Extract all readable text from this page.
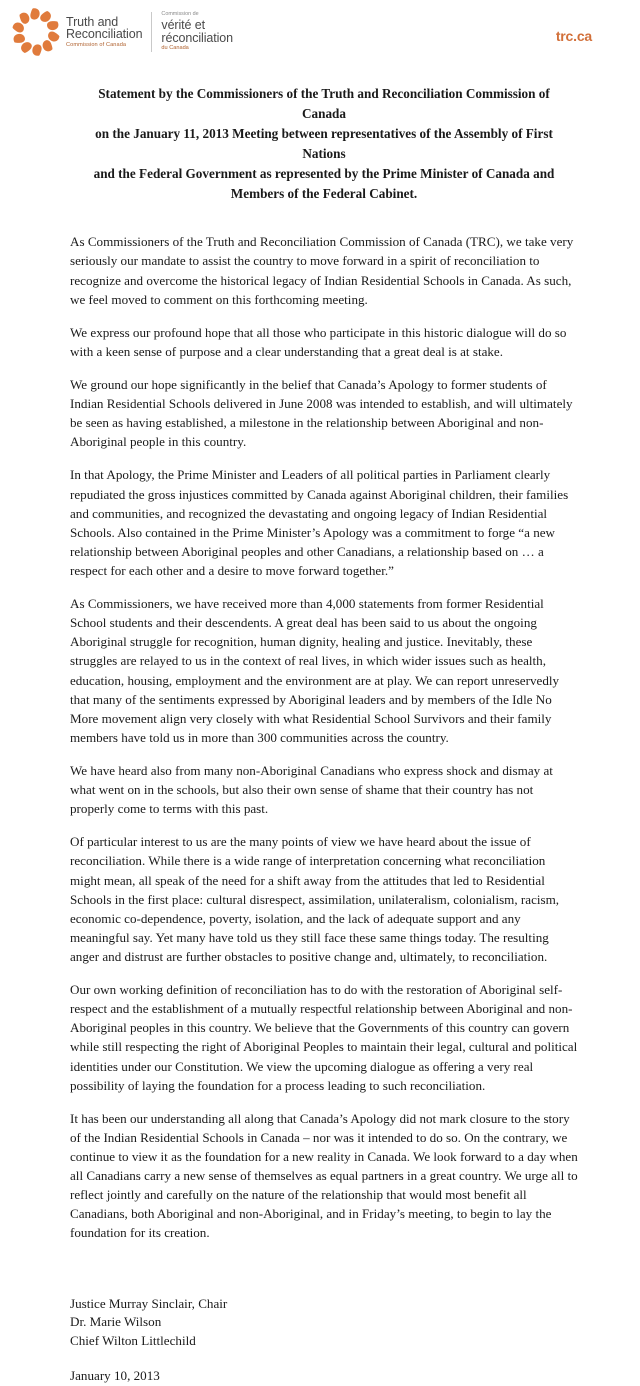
Truth and
Reconciliation
Commission of Canada
Commission de
vérité et
réconciliation
du Canada
trc.ca
Statement by the Commissioners of the Truth and Reconciliation Commission of Canada
on the January 11, 2013 Meeting between representatives of the Assembly of First Nations
and the Federal Government as represented by the Prime Minister of Canada and
Members of the Federal Cabinet.

As Commissioners of the Truth and Reconciliation Commission of Canada (TRC), we take very seriously our mandate to assist the country to move forward in a spirit of reconciliation to recognize and overcome the historical legacy of Indian Residential Schools in Canada. As such, we feel moved to comment on this forthcoming meeting.

We express our profound hope that all those who participate in this historic dialogue will do so with a keen sense of purpose and a clear understanding that a great deal is at stake.

We ground our hope significantly in the belief that Canada’s Apology to former students of Indian Residential Schools delivered in June 2008 was intended to establish, and will ultimately be seen as having established, a milestone in the relationship between Aboriginal and non-Aboriginal people in this country.

In that Apology, the Prime Minister and Leaders of all political parties in Parliament clearly repudiated the gross injustices committed by Canada against Aboriginal children, their families and communities, and recognized the devastating and ongoing legacy of Indian Residential Schools. Also contained in the Prime Minister’s Apology was a commitment to forge “a new relationship between Aboriginal peoples and other Canadians, a relationship based on … a respect for each other and a desire to move forward together.”

As Commissioners, we have received more than 4,000 statements from former Residential School students and their descendents. A great deal has been said to us about the ongoing Aboriginal struggle for recognition, human dignity, healing and justice. Inevitably, these struggles are relayed to us in the context of real lives, in which wider issues such as health, education, housing, employment and the environment are at play. We can report unreservedly that many of the sentiments expressed by Aboriginal leaders and by members of the Idle No More movement align very closely with what Residential School Survivors and their family members have told us in more than 300 communities across the country.

We have heard also from many non-Aboriginal Canadians who express shock and dismay at what went on in the schools, but also their own sense of shame that their country has not properly come to terms with this past.

Of particular interest to us are the many points of view we have heard about the issue of reconciliation. While there is a wide range of interpretation concerning what reconciliation might mean, all speak of the need for a shift away from the attitudes that led to Residential Schools in the first place: cultural disrespect, assimilation, unilateralism, colonialism, racism, economic co-dependence, poverty, isolation, and the lack of adequate support and any meaningful say. Yet many have told us they still face these same things today. The resulting anger and distrust are further obstacles to positive change and, ultimately, to reconciliation.

Our own working definition of reconciliation has to do with the restoration of Aboriginal self-respect and the establishment of a mutually respectful relationship between Aboriginal and non-Aboriginal peoples in this country. We believe that the Governments of this country can govern while still respecting the right of Aboriginal Peoples to maintain their legal, cultural and political identities under our Constitution. We view the upcoming dialogue as offering a very real possibility of laying the foundation for a process leading to such reconciliation.

It has been our understanding all along that Canada’s Apology did not mark closure to the story of the Indian Residential Schools in Canada – nor was it intended to do so. On the contrary, we continue to view it as the foundation for a new reality in Canada. We look forward to a day when all Canadians carry a new sense of themselves as equal partners in a great country. We urge all to reflect jointly and carefully on the nature of the relationship that would most benefit all Canadians, both Aboriginal and non-Aboriginal, and in Friday’s meeting, to begin to lay the foundation for its creation.

Justice Murray Sinclair, Chair
Dr. Marie Wilson
Chief Wilton Littlechild
January 10, 2013
